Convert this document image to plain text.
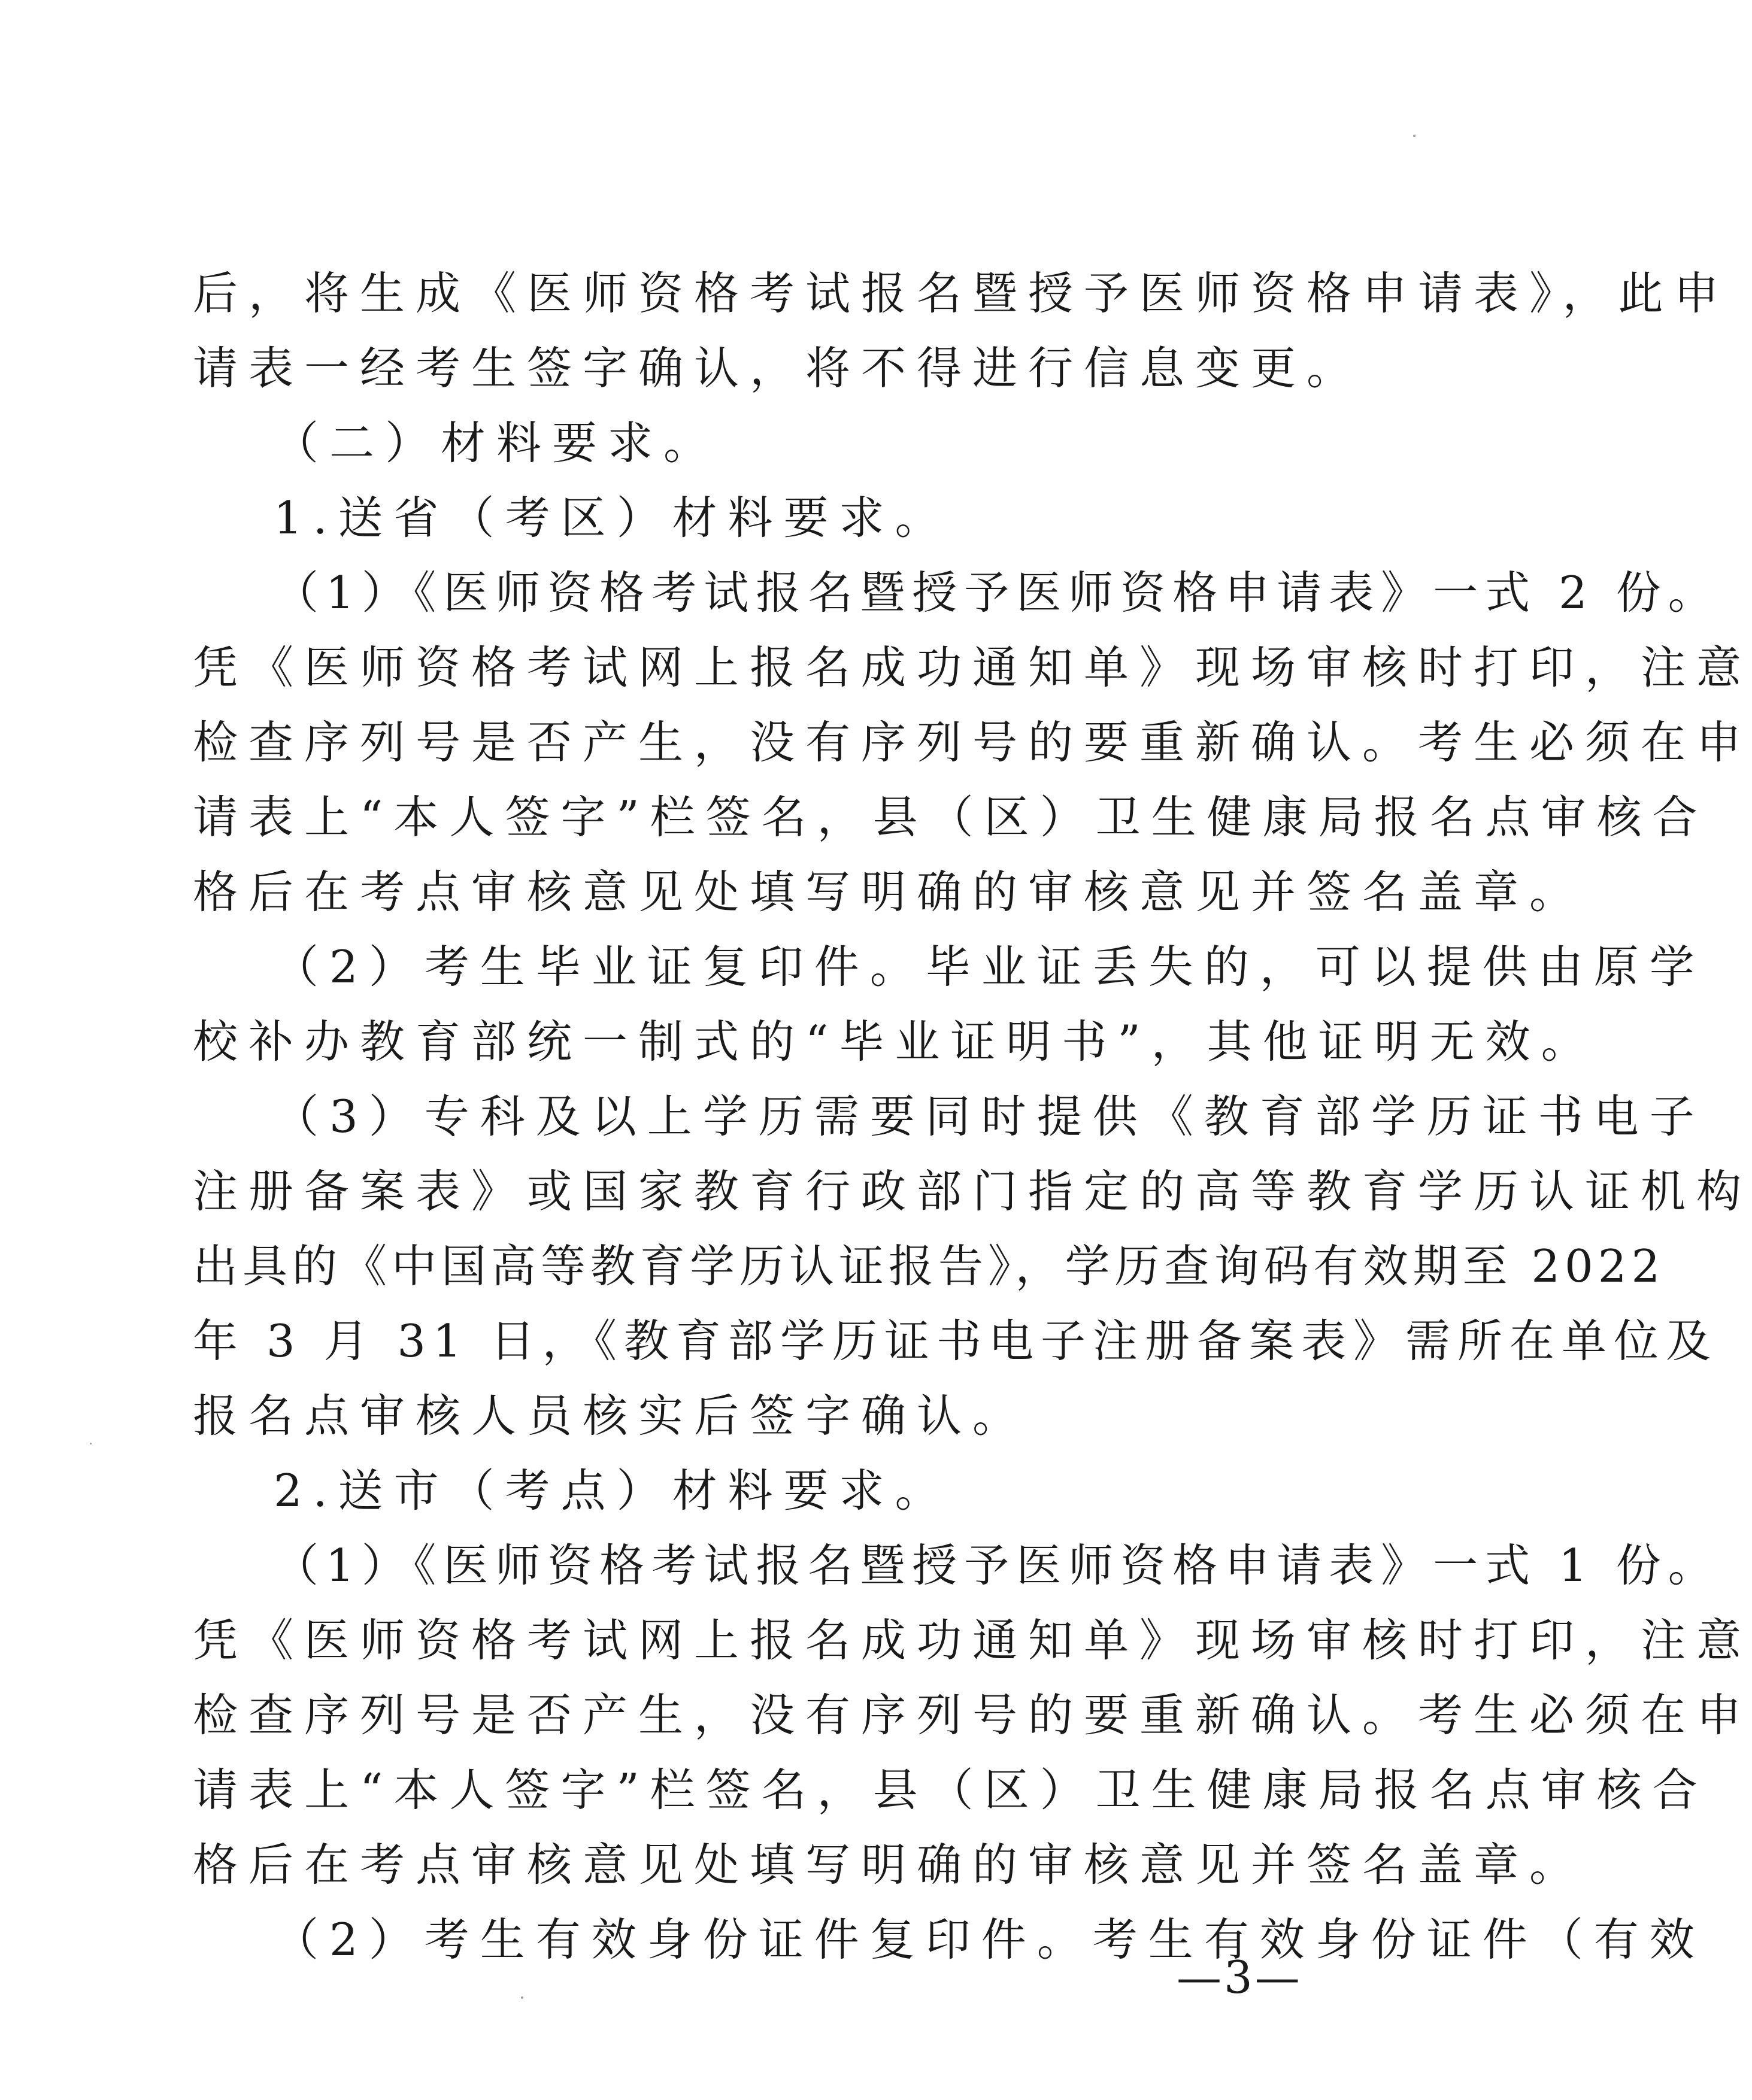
后，将生成《医师资格考试报名暨授予医师资格申请表》，此申
请表一经考生签字确认，将不得进行信息变更。
（二）材料要求。
1.送省（考区）材料要求。
（1）《医师资格考试报名暨授予医师资格申请表》一式 2 份。
凭《医师资格考试网上报名成功通知单》现场审核时打印，注意
检查序列号是否产生，没有序列号的要重新确认。考生必须在申
请表上“本人签字”栏签名，县（区）卫生健康局报名点审核合
格后在考点审核意见处填写明确的审核意见并签名盖章。
（2）考生毕业证复印件。毕业证丢失的，可以提供由原学
校补办教育部统一制式的“毕业证明书”，其他证明无效。
（3）专科及以上学历需要同时提供《教育部学历证书电子
注册备案表》或国家教育行政部门指定的高等教育学历认证机构
出具的《中国高等教育学历认证报告》，学历查询码有效期至 2022
年 3 月 31 日，《教育部学历证书电子注册备案表》需所在单位及
报名点审核人员核实后签字确认。
2.送市（考点）材料要求。
（1）《医师资格考试报名暨授予医师资格申请表》一式 1 份。
凭《医师资格考试网上报名成功通知单》现场审核时打印，注意
检查序列号是否产生，没有序列号的要重新确认。考生必须在申
请表上“本人签字”栏签名，县（区）卫生健康局报名点审核合
格后在考点审核意见处填写明确的审核意见并签名盖章。
（2）考生有效身份证件复印件。考生有效身份证件（有效
—3—
